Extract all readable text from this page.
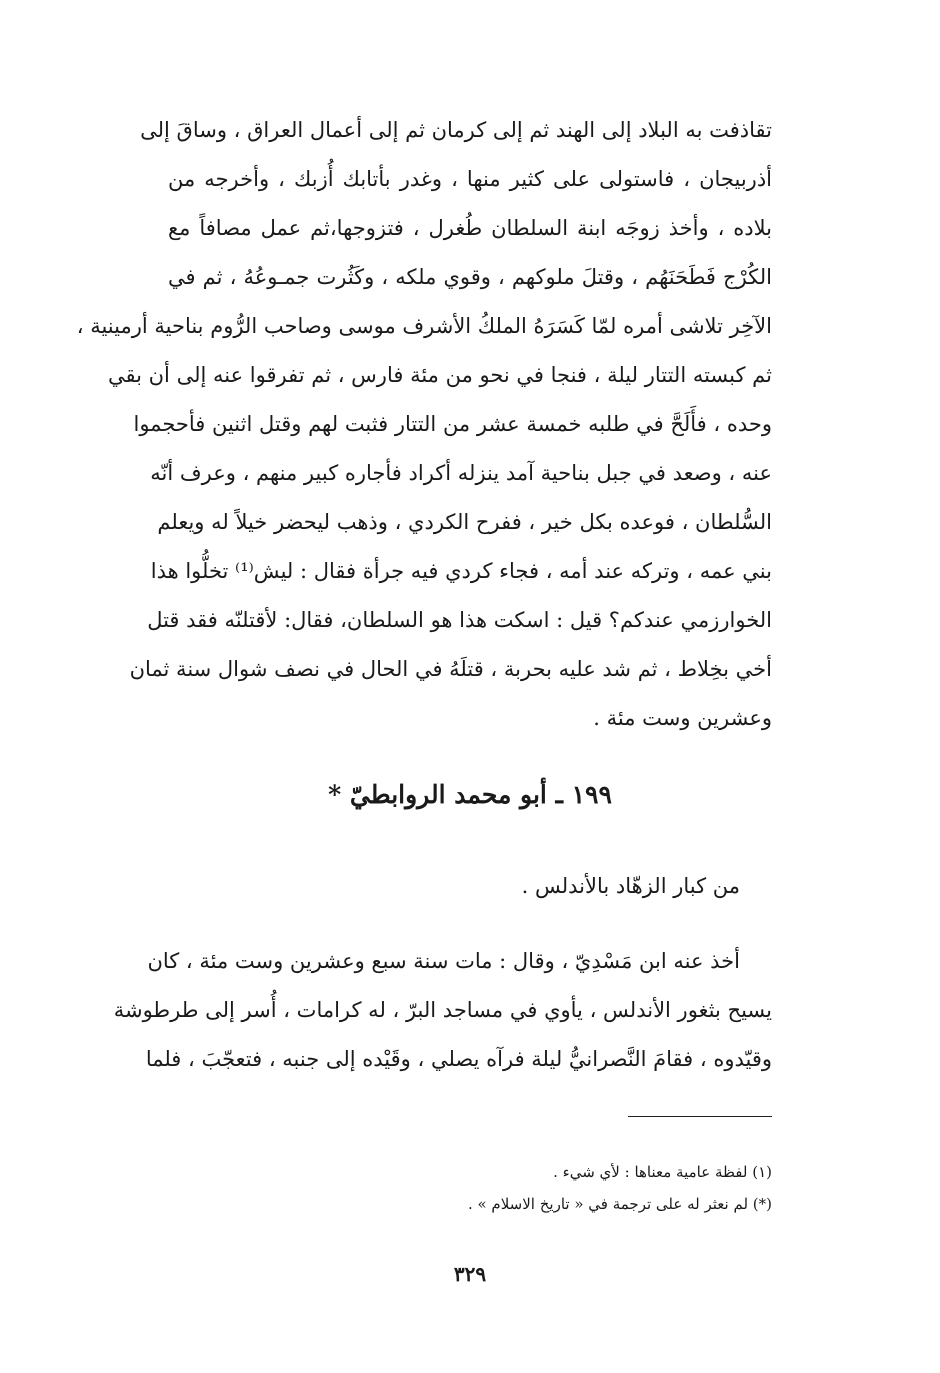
تقاذفت به البلاد إلى الهند ثم إلى كرمان ثم إلى أعمال العراق ، وساقَ إلى
أذربيجان ، فاستولى على كثير منها ، وغدر بأتابك أُزبك ، وأخرجه من
بلاده ، وأخذ زوجَه ابنة السلطان طُغرل ، فتزوجها،ثم عمل مصافاً مع
الكُرْج فَطَحَنَهُم ، وقتلَ ملوكهم ، وقوي ملكه ، وكَثُرت جمـوعُهُ ، ثم في
الآخِر تلاشى أمره لمّا كَسَرَهُ الملكُ الأشرف موسى وصاحب الرُّوم بناحية أرمينية ،
ثم كبسته التتار ليلة ، فنجا في نحو من مئة فارس ، ثم تفرقوا عنه إلى أن بقي
وحده ، فأَلَحَّ في طلبه خمسة عشر من التتار فثبت لهم وقتل اثنين فأحجموا
عنه ، وصعد في جبل بناحية آمد ينزله أكراد فأجاره كبير منهم ، وعرف أنّه
السُّلطان ، فوعده بكل خير ، ففرح الكردي ، وذهب ليحضر خيلاً له ويعلم
بني عمه ، وتركه عند أمه ، فجاء كردي فيه جرأة فقال : ليش⁽¹⁾ تخلُّوا هذا
الخوارزمي عندكم؟ قيل : اسكت هذا هو السلطان، فقال: لأقتلنّه فقد قتل
أخي بخِلاط ، ثم شد عليه بحربة ، قتلَهُ في الحال في نصف شوال سنة ثمان
وعشرين وست مئة .
١٩٩ ـ أبو محمد الروابطيّ *
من كبار الزهّاد بالأندلس .
أخذ عنه ابن مَسْدِيّ ، وقال : مات سنة سبع وعشرين وست مئة ، كان
يسيح بثغور الأندلس ، يأوي في مساجد البرّ ، له كرامات ، أُسر إلى طرطوشة
وقيّدوه ، فقامَ النَّصرانيُّ ليلة فرآه يصلي ، وقَيْده إلى جنبه ، فتعجّبَ ، فلما
(١) لفظة عامية معناها : لأي شيء .
(*) لم نعثر له على ترجمة في « تاريخ الاسلام » .
٣٢٩
